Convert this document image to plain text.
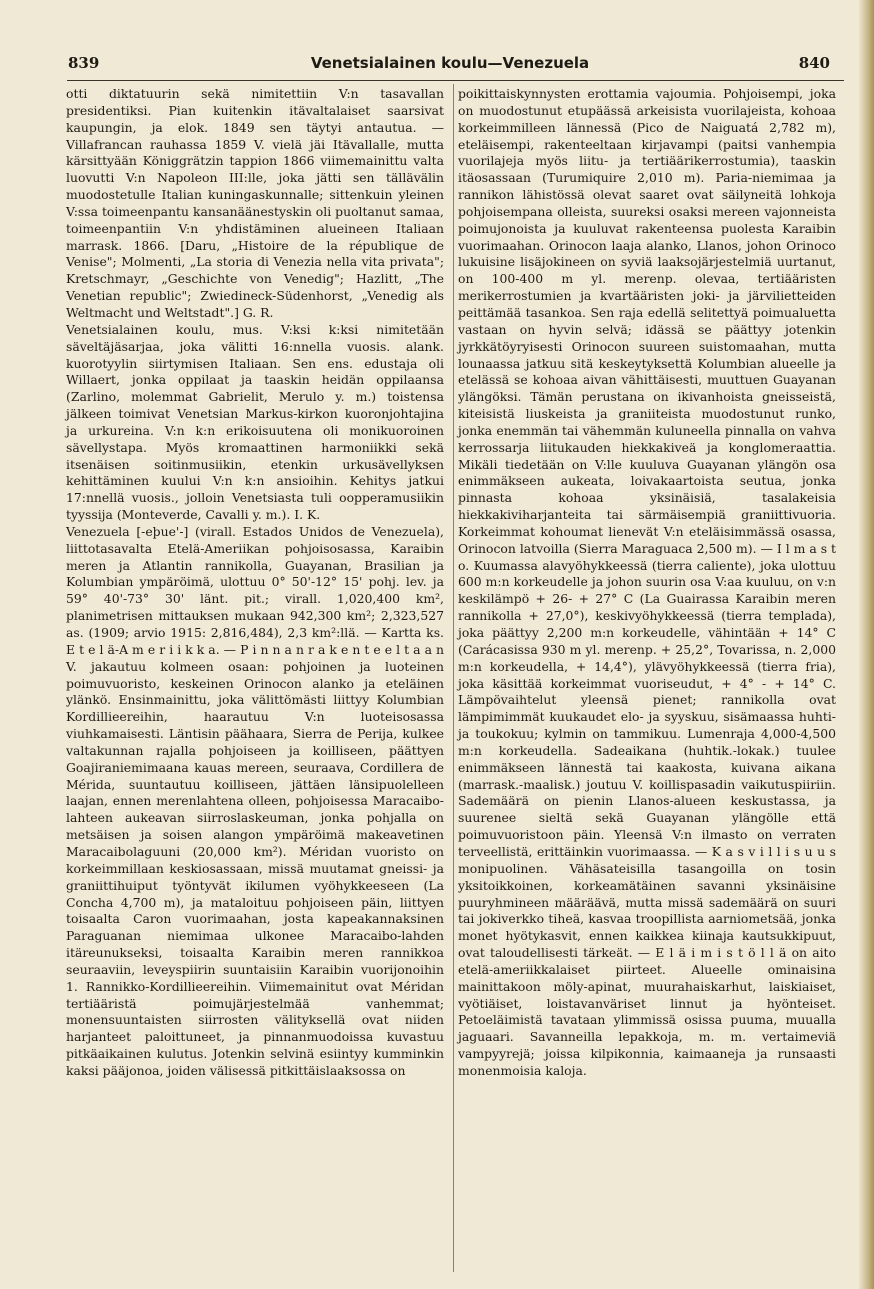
839	Venetsialainen koulu—Venezuela	840

otti diktatuurin sekä nimitettiin V:n tasavallan presidentiksi. Pian kuitenkin itävaltalaiset saarsivat kaupungin, ja elok. 1849 sen täytyi antautua. — Villafrancan rauhassa 1859 V. vielä jäi Itävallalle, mutta kärsittyään Königgrätzin tappion 1866 viimemainittu valta luovutti V:n Napoleon III:lle, joka jätti sen tällävälin muodostetulle Italian kuningaskunnalle; sittenkuin yleinen V:ssa toimeenpantu kansanäänestyskin oli puoltanut samaa, toimeenpantiin V:n yhdistäminen alueineen Italiaan marrask. 1866. [Daru, „Histoire de la république de Venise"; Molmenti, „La storia di Venezia nella vita privata"; Kretschmayr, „Geschichte von Venedig"; Hazlitt, „The Venetian republic"; Zwiedineck-Südenhorst, „Venedig als Weltmacht und Weltstadt".] G. R.

Venetsialainen koulu, mus. V:ksi k:ksi nimitetään säveltäjäsarjaa, joka välitti 16:nnella vuosis. alank. kuorotyylin siirtymisen Italiaan. Sen ens. edustaja oli Willaert, jonka oppilaat ja taaskin heidän oppilaansa (Zarlino, molemmat Gabrielit, Merulo y. m.) toistensa jälkeen toimivat Venetsian Markus-kirkon kuoronjohtajina ja urkureina. V:n k:n erikoisuutena oli monikuoroinen sävellystapa. Myös kromaattinen harmoniikki sekä itsenäisen soitinmusiikin, etenkin urkusävellyksen kehittäminen kuului V:n k:n ansioihin. Kehitys jatkui 17:nnellä vuosis., jolloin Venetsiasta tuli oopperamusiikin tyyssija (Monteverde, Cavalli y. m.). I. K.

Venezuela [-eþue'-] (virall. Estados Unidos de Venezuela), liittotasavalta Etelä-Ameriikan pohjoisosassa, Karaibin meren ja Atlantin rannikolla, Guayanan, Brasilian ja Kolumbian ympäröimä, ulottuu 0° 50'-12° 15' pohj. lev. ja 59° 40'-73° 30' länt. pit.; virall. 1,020,400 km², planimetrisen mittauksen mukaan 942,300 km²; 2,323,527 as. (1909; arvio 1915: 2,816,484), 2,3 km²:llä. — Kartta ks. E t e l ä-A m e r i i k k a. — P i n n a n r a k e n t e e l t a a n V. jakautuu kolmeen osaan: pohjoinen ja luoteinen poimuvuoristo, keskeinen Orinocon alanko ja eteläinen ylänkö. Ensinmainittu, joka välittömästi liittyy Kolumbian Kordillieereihin, haarautuu V:n luoteisosassa viuhkamaisesti. Läntisin päähaara, Sierra de Perija, kulkee valtakunnan rajalla pohjoiseen ja koilliseen, päättyen Goajiraniemimaana kauas mereen, seuraava, Cordillera de Mérida, suuntautuu koilliseen, jättäen länsipuolelleen laajan, ennen merenlahtena olleen, pohjoisessa Maracaibo-lahteen aukeavan siirroslaskeuman, jonka pohjalla on metsäisen ja soisen alangon ympäröimä makeavetinen Maracaibolaguuni (20,000 km²). Méridan vuoristo on korkeimmillaan keskiosassaan, missä muutamat gneissi- ja graniittihuiput työntyvät ikilumen vyöhykkeeseen (La Concha 4,700 m), ja mataloituu pohjoiseen päin, liittyen toisaalta Caron vuorimaahan, josta kapeakannaksinen Paraguanan niemimaa ulkonee Maracaibo-lahden itäreunukseksi, toisaalta Karaibin meren rannikkoa seuraaviin, leveyspiirin suuntaisiin Karaibin vuorijonoihin 1. Rannikko-Kordillieereihin. Viimemainitut ovat Méridan tertiääristä poimujärjestelmää vanhemmat; monensuuntaisten siirrosten välityksellä ovat niiden harjanteet paloittuneet, ja pinnanmuodoissa kuvastuu pitkäaikainen kulutus. Jotenkin selvinä esiintyy kumminkin kaksi pääjonoa, joiden välisessä pitkittäislaaksossa on

poikittaiskynnysten erottamia vajoumia. Pohjoisempi, joka on muodostunut etupäässä arkeisista vuorilajeista, kohoaa korkeimmilleen lännessä (Pico de Naiguatá 2,782 m), eteläisempi, rakenteeltaan kirjavampi (paitsi vanhempia vuorilajeja myös liitu- ja tertiäärikerrostumia), taaskin itäosassaan (Turumiquire 2,010 m). Paria-niemimaa ja rannikon lähistössä olevat saaret ovat säilyneitä lohkoja pohjoisempana olleista, suureksi osaksi mereen vajonneista poimujonoista ja kuuluvat rakenteensa puolesta Karaibin vuorimaahan. Orinocon laaja alanko, Llanos, johon Orinoco lukuisine lisäjokineen on syviä laaksojärjestelmiä uurtanut, on 100-400 m yl. merenp. olevaa, tertiääristen merikerrostumien ja kvartääristen joki- ja järvilietteiden peittämää tasankoa. Sen raja edellä selitettyä poimualuetta vastaan on hyvin selvä; idässä se päättyy jotenkin jyrkkätöyryisesti Orinocon suureen suistomaahan, mutta lounaassa jatkuu sitä keskeytyksettä Kolumbian alueelle ja etelässä se kohoaa aivan vähittäisesti, muuttuen Guayanan ylängöksi. Tämän perustana on ikivanhoista gneisseistä, kiteisistä liuskeista ja graniiteista muodostunut runko, jonka enemmän tai vähemmän kuluneella pinnalla on vahva kerrossarja liitukauden hiekkakiveä ja konglomeraattia. Mikäli tiedetään on V:lle kuuluva Guayanan ylängön osa enimmäkseen aukeata, loivakaartoista seutua, jonka pinnasta kohoaa yksinäisiä, tasalakeisia hiekkakiviharjanteita tai särmäisempiä graniittivuoria. Korkeimmat kohoumat lienevät V:n eteläisimmässä osassa, Orinocon latvoilla (Sierra Maraguaca 2,500 m). — I l m a s t o. Kuumassa alavyöhykkeessä (tierra caliente), joka ulottuu 600 m:n korkeudelle ja johon suurin osa V:aa kuuluu, on v:n keskilämpö + 26- + 27° C (La Guairassa Karaibin meren rannikolla + 27,0°), keskivyöhykkeessä (tierra templada), joka päättyy 2,200 m:n korkeudelle, vähintään + 14° C (Carácasissa 930 m yl. merenp. + 25,2°, Tovarissa, n. 2,000 m:n korkeudella, + 14,4°), ylävyöhykkeessä (tierra fria), joka käsittää korkeimmat vuoriseudut, + 4° - + 14° C. Lämpövaihtelut yleensä pienet; rannikolla ovat lämpimimmät kuukaudet elo- ja syyskuu, sisämaassa huhti- ja toukokuu; kylmin on tammikuu. Lumenraja 4,000-4,500 m:n korkeudella. Sadeaikana (huhtik.-lokak.) tuulee enimmäkseen lännestä tai kaakosta, kuivana aikana (marrask.-maalisk.) joutuu V. koillispasadin vaikutuspiiriin. Sademäärä on pienin Llanos-alueen keskustassa, ja suurenee sieltä sekä Guayanan ylängölle että poimuvuoristoon päin. Yleensä V:n ilmasto on verraten terveellistä, erittäinkin vuorimaassa. — K a s v i l l i s u u s monipuolinen. Vähäsateisilla tasangoilla on tosin yksitoikkoinen, korkeamätäinen savanni yksinäisine puuryhmineen määräävä, mutta missä sademäärä on suuri tai jokiverkko tiheä, kasvaa troopillista aarniometsää, jonka monet hyötykasvit, ennen kaikkea kiinaja kautsukkipuut, ovat taloudellisesti tärkeät. — E l ä i m i s t ö l l ä on aito etelä-ameriikkalaiset piirteet. Alueelle ominaisina mainittakoon möly-apinat, muurahaiskarhut, laiskiaiset, vyötiäiset, loistavanväriset linnut ja hyönteiset. Petoeläimistä tavataan ylimmissä osissa puuma, muualla jaguaari. Savanneilla lepakkoja, m. m. vertaimeviä vampyyrejä; joissa kilpikonnia, kaimaaneja ja runsaasti monenmoisia kaloja.
